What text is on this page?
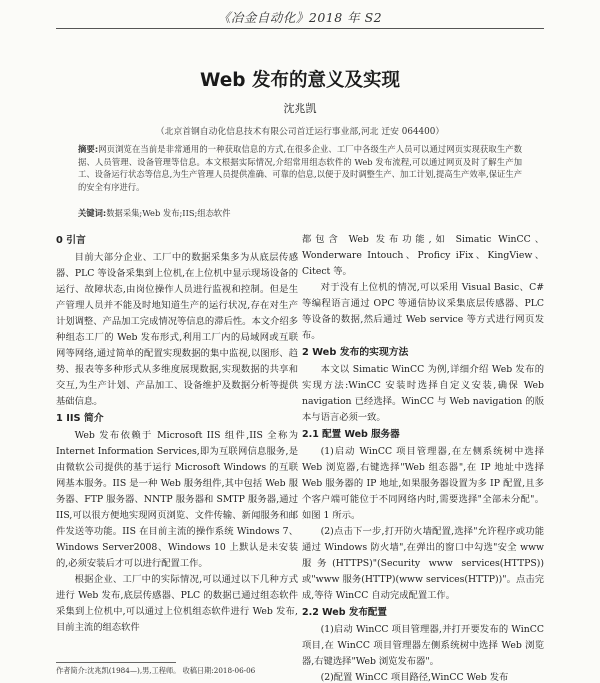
《冶金自动化》2018 年 S2
Web 发布的意义及实现
沈兆凯
（北京首钢自动化信息技术有限公司首迁运行事业部,河北 迁安 064400）
摘要:网页浏览在当前是非常通用的一种获取信息的方式,在很多企业、工厂中各级生产人员可以通过网页实现获取生产数据、人员管理、设备管理等信息。本文根据实际情况,介绍常用组态软件的 Web 发布流程,可以通过网页及时了解生产加工、设备运行状态等信息,为生产管理人员提供准确、可靠的信息,以便于及时调整生产、加工计划,提高生产效率,保证生产的安全有序进行。
关键词:数据采集;Web 发布;IIS;组态软件
0 引言

目前大部分企业、工厂中的数据采集多为从底层传感器、PLC 等设备采集到上位机,在上位机中显示现场设备的运行、故障状态,由岗位操作人员进行监视和控制。但是生产管理人员并不能及时地知道生产的运行状况,存在对生产计划调整、产品加工完成情况等信息的滞后性。本文介绍多种组态工厂的 Web 发布形式,利用工厂内的局域网或互联网等网络,通过简单的配置实现数据的集中监视,以图形、趋势、报表等多种形式从多维度展现数据,实现数据的共享和交互,为生产计划、产品加工、设备维护及数据分析等提供基础信息。

1 IIS 简介

Web 发布依赖于 Microsoft IIS 组件,IIS 全称为 Internet Information Services,即为互联网信息服务,是由微软公司提供的基于运行 Microsoft Windows 的互联网基本服务。IIS 是一种 Web 服务组件,其中包括 Web 服务器、FTP 服务器、NNTP 服务器和 SMTP 服务器,通过 IIS,可以很方便地实现网页浏览、文件传输、新闻服务和邮件发送等功能。IIS 在目前主流的操作系统 Windows 7、Windows Server2008、Windows 10 上默认是未安装的,必须安装后才可以进行配置工作。

根据企业、工厂中的实际情况,可以通过以下几种方式进行 Web 发布,底层传感器、PLC 的数据已通过组态软件采集到上位机中,可以通过上位机组态软件进行 Web 发布,目前主流的组态软件

都包含 Web 发布功能,如 Simatic WinCC、Wonderware Intouch、Proficy iFix、KingView、Citect 等。

对于没有上位机的情况,可以采用 Visual Basic、C#等编程语言通过 OPC 等通信协议采集底层传感器、PLC 等设备的数据,然后通过 Web service 等方式进行网页发布。

2 Web 发布的实现方法

本文以 Simatic WinCC 为例,详细介绍 Web 发布的实现方法:WinCC 安装时选择自定义安装,确保 Web navigation 已经选择。WinCC 与 Web navigation 的版本与语言必须一致。

2.1 配置 Web 服务器

(1)启动 WinCC 项目管理器,在左侧系统树中选择 Web 浏览器,右键选择"Web 组态器",在 IP 地址中选择 Web 服务器的 IP 地址,如果服务器设置为多 IP 配置,且多个客户端可能位于不同网络内时,需要选择"全部未分配"。如图 1 所示。

(2)点击下一步,打开防火墙配置,选择"允许程序或功能通过 Windows 防火墙",在弹出的窗口中勾选"安全 www 服务(HTTPS)"(Security www services(HTTPS))或"www 服务(HTTP)(www services(HTTP))"。点击完成,等待 WinCC 自动完成配置工作。

2.2 Web 发布配置

(1)启动 WinCC 项目管理器,并打开要发布的 WinCC 项目,在 WinCC 项目管理器左侧系统树中选择 Web 浏览器,右键选择"Web 浏览发布器"。

(2)配置 WinCC 项目路径,WinCC Web 发布

作者简介:沈兆凯(1984—),男,工程师。 收稿日期:2018-06-06
